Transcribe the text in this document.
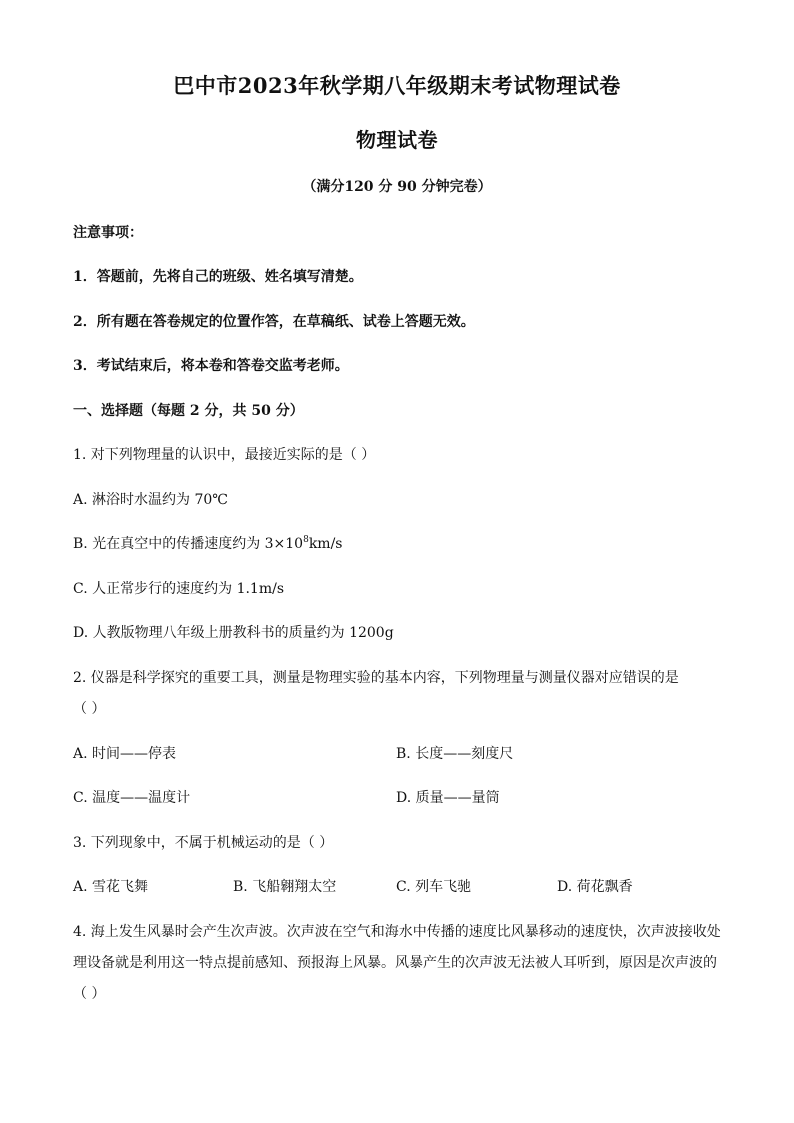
巴中市2023年秋学期八年级期末考试物理试卷
物理试卷
（满分120 分 90 分钟完卷）
注意事项：
1．答题前，先将自己的班级、姓名填写清楚。
2．所有题在答卷规定的位置作答，在草稿纸、试卷上答题无效。
3．考试结束后，将本卷和答卷交监考老师。
一、选择题（每题 2 分，共 50 分）
1. 对下列物理量的认识中，最接近实际的是（ ）
A. 淋浴时水温约为 70℃
B. 光在真空中的传播速度约为 $3\times 10^8km/s$
C. 人正常步行的速度约为 1.1m/s
D. 人教版物理八年级上册教科书的质量约为 1200g
2. 仪器是科学探究的重要工具，测量是物理实验的基本内容，下列物理量与测量仪器对应错误的是
（ ）
A. 时间——停表	B. 长度——刻度尺
C. 温度——温度计	D. 质量——量筒
3. 下列现象中，不属于机械运动的是（ ）
A. 雪花飞舞	B. 飞船翱翔太空	C. 列车飞驰	D. 荷花飘香
4. 海上发生风暴时会产生次声波。次声波在空气和海水中传播的速度比风暴移动的速度快，次声波接收处
理设备就是利用这一特点提前感知、预报海上风暴。风暴产生的次声波无法被人耳听到，原因是次声波的
（ ）
